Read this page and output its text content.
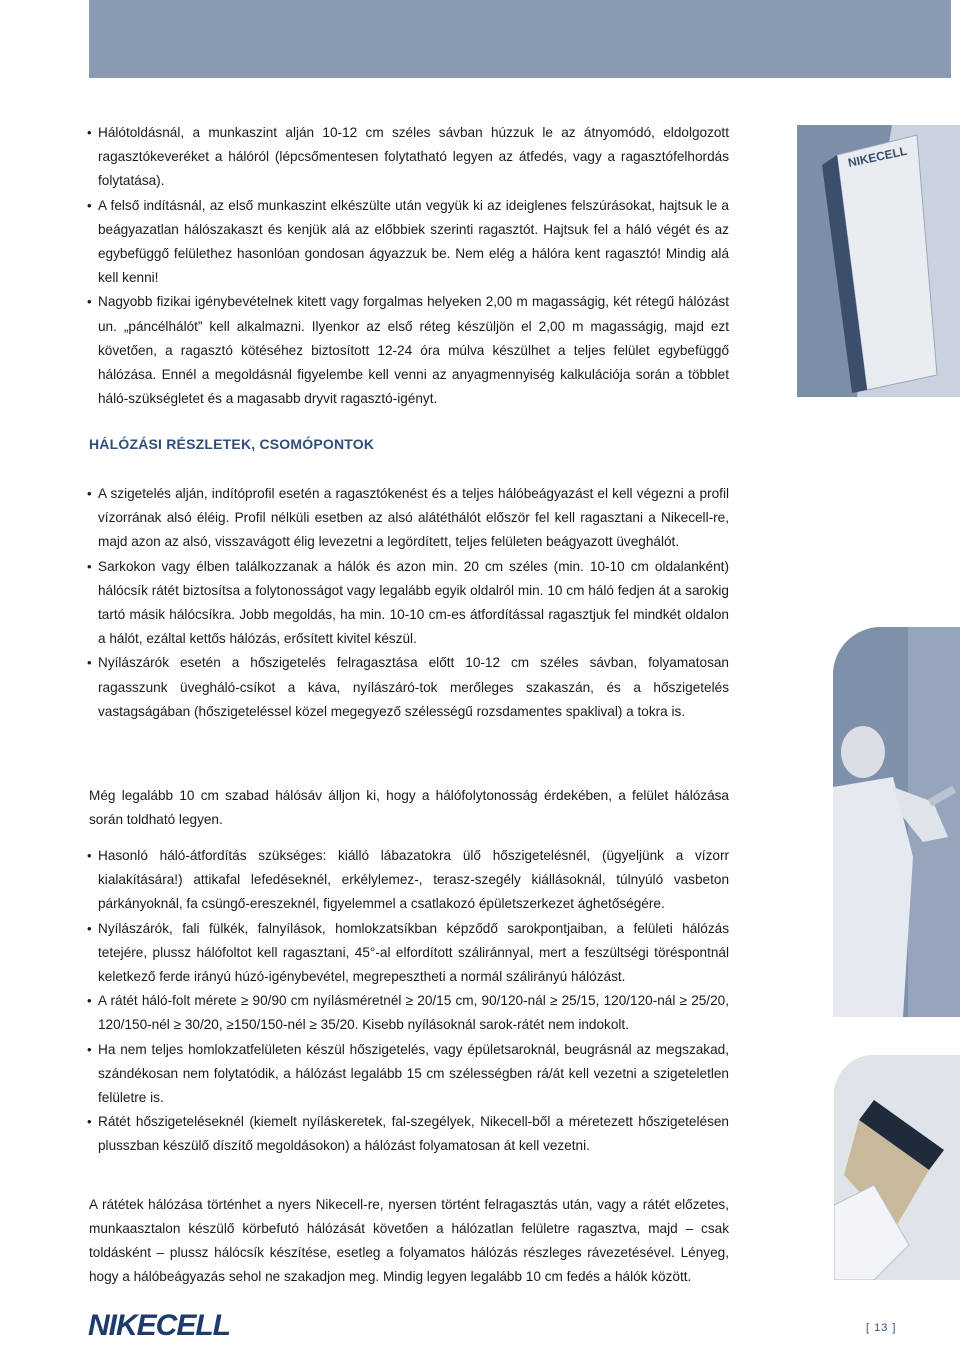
• Hálótoldásnál, a munkaszint alján 10-12 cm széles sávban húzzuk le az átnyomódó, eldolgozott ragasztókeveréket a hálóról (lépcsőmentesen folytatható legyen az átfedés, vagy a ragasztófelhordás folytatása).

• A felső indításnál, az első munkaszint elkészülte után vegyük ki az ideiglenes felszúrásokat, hajtsuk le a beágyazatlan hálószakaszt és kenjük alá az előbbiek szerinti ragasztót. Hajtsuk fel a háló végét és az egybefüggő felülethez hasonlóan gondosan ágyazzuk be. Nem elég a hálóra kent ragasztó! Mindig alá kell kenni!

• Nagyobb fizikai igénybevételnek kitett vagy forgalmas helyeken 2,00 m magasságig, két rétegű hálózást un. „páncélhálót” kell alkalmazni. Ilyenkor az első réteg készüljön el 2,00 m magasságig, majd ezt követően, a ragasztó kötéséhez biztosított 12-24 óra múlva készülhet a teljes felület egybefüggő hálózása. Ennél a megoldásnál figyelembe kell venni az anyagmennyiség kalkulációja során a többlet háló-szükségletet és a magasabb dryvit ragasztó-igényt.

HÁLÓZÁSI RÉSZLETEK, CSOMÓPONTOK

• A szigetelés alján, indítóprofil esetén a ragasztókenést és a teljes hálóbeágyazást el kell végezni a profil vízorrának alsó éléig. Profil nélküli esetben az alsó alátéthálót először fel kell ragasztani a Nikecell-re, majd azon az alsó, visszavágott élig levezetni a legördített, teljes felületen beágyazott üveghálót.

• Sarkokon vagy élben találkozzanak a hálók és azon min. 20 cm széles (min. 10-10 cm oldalanként) hálócsík rátét biztosítsa a folytonosságot vagy legalább egyik oldalról min. 10 cm háló fedjen át a sarokig tartó másik hálócsíkra. Jobb megoldás, ha min. 10-10 cm-es átfordítással ragasztjuk fel mindkét oldalon a hálót, ezáltal kettős hálózás, erősített kivitel készül.

• Nyílászárók esetén a hőszigetelés felragasztása előtt 10-12 cm széles sávban, folyamatosan ragasszunk üvegháló-csíkot a káva, nyílászáró-tok merőleges szakaszán, és a hőszigetelés vastagságában (hőszigeteléssel közel megegyező szélességű rozsdamentes spaklival) a tokra is.

Még legalább 10 cm szabad hálósáv álljon ki, hogy a hálófolytonosság érdekében, a felület hálózása során toldható legyen.

• Hasonló háló-átfordítás szükséges: kiálló lábazatokra ülő hőszigetelésnél, (ügyeljünk a vízorr kialakítására!) attikafal lefedéseknél, erkélylemez-, terasz-szegély kiállásoknál, túlnyúló vasbeton párkányoknál, fa csüngő-ereszeknél, figyelemmel a csatlakozó épületszerkezet ághetőségére.

• Nyílászárók, fali fülkék, falnyílások, homlokzatsíkban képződő sarokpontjaiban, a felületi hálózás tetejére, plussz hálófoltot kell ragasztani, 45°-al elfordított száliránnyal, mert a feszültségi töréspontnál keletkező ferde irányú húzó-igénybevétel, megrepesztheti a normál szálirányú hálózást.

• A rátét háló-folt mérete ≥ 90/90 cm nyílásméretnél ≥ 20/15 cm, 90/120-nál ≥ 25/15, 120/120-nál ≥ 25/20, 120/150-nél ≥ 30/20, ≥150/150-nél ≥ 35/20. Kisebb nyílásoknál sarok-rátét nem indokolt.

• Ha nem teljes homlokzatfelületen készül hőszigetelés, vagy épületsaroknál, beugrásnál az megszakad, szándékosan nem folytatódik, a hálózást legalább 15 cm szélességben rá/át kell vezetni a szigeteletlen felületre is.

• Rátét hőszigeteléseknél (kiemelt nyíláskeretek, fal-szegélyek, Nikecell-ből a méretezett hőszigetelésen plusszban készülő díszítő megoldásokon) a hálózást folyamatosan át kell vezetni.

A rátétek hálózása történhet a nyers Nikecell-re, nyersen történt felragasztás után, vagy a rátét előzetes, munkaasztalon készülő körbefutó hálózását követően a hálózatlan felületre ragasztva, majd – csak toldásként – plussz hálócsík készítése, esetleg a folyamatos hálózás részleges rávezetésével. Lényeg, hogy a hálóbeágyazás sehol ne szakadjon meg. Mindig legyen legalább 10 cm fedés a hálók között.

NIKECELL
NIKECELL	[ 13 ]
